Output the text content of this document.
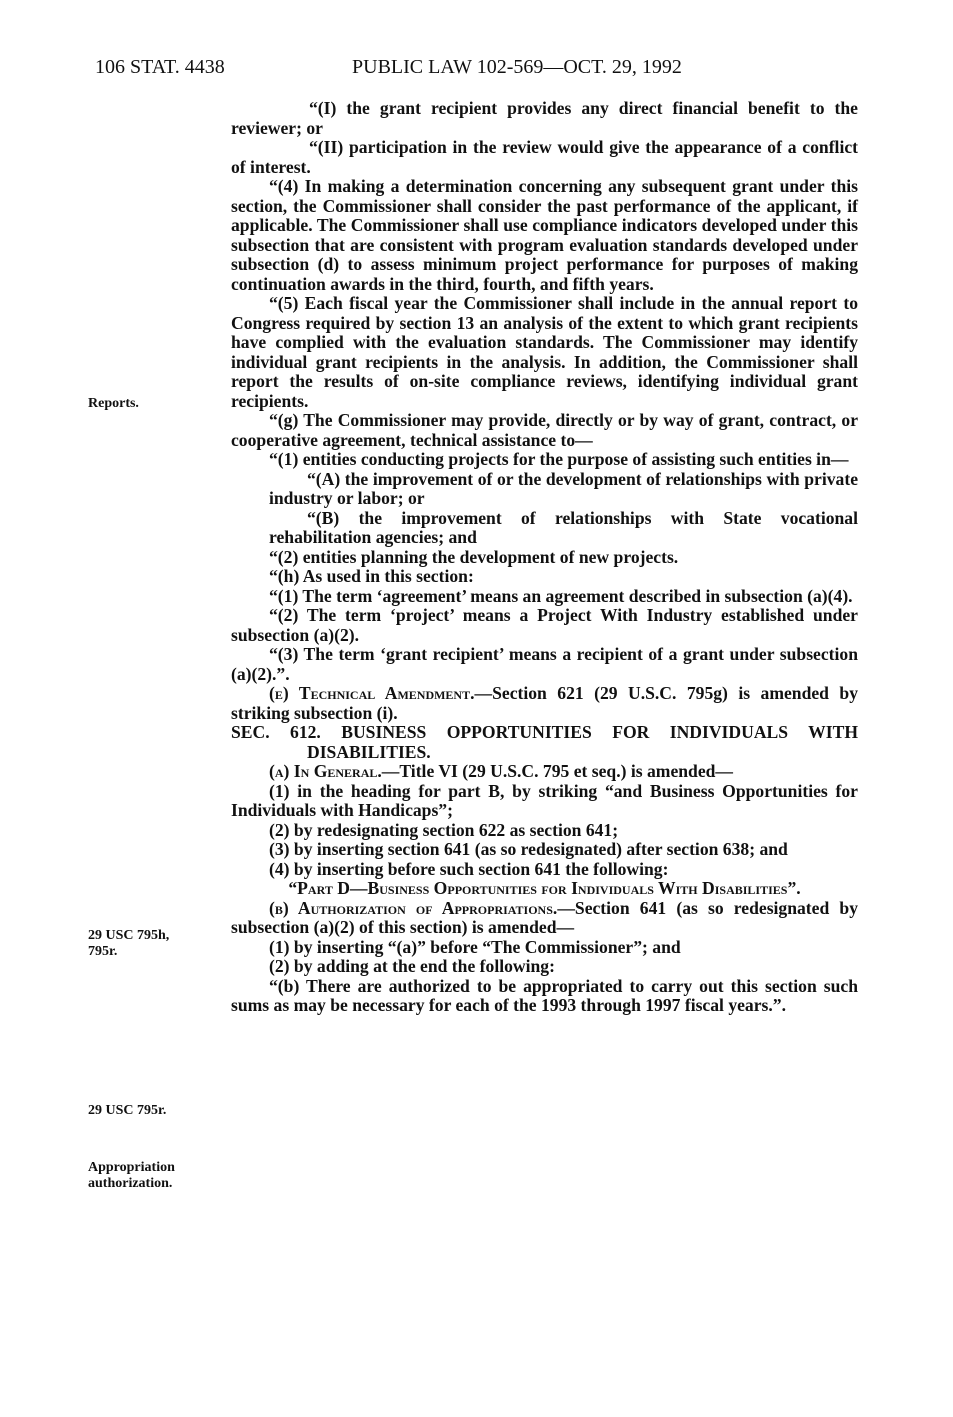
106 STAT. 4438	PUBLIC LAW 102-569—OCT. 29, 1992
Reports.
29 USC 795h, 795r.
29 USC 795r.
Appropriation authorization.

“(I) the grant recipient provides any direct financial benefit to the reviewer; or

“(II) participation in the review would give the appearance of a conflict of interest.

“(4) In making a determination concerning any subsequent grant under this section, the Commissioner shall consider the past performance of the applicant, if applicable. The Commissioner shall use compliance indicators developed under this subsection that are consistent with program evaluation standards developed under subsection (d) to assess minimum project performance for purposes of making continuation awards in the third, fourth, and fifth years.

“(5) Each fiscal year the Commissioner shall include in the annual report to Congress required by section 13 an analysis of the extent to which grant recipients have complied with the evaluation standards. The Commissioner may identify individual grant recipients in the analysis. In addition, the Commissioner shall report the results of on-site compliance reviews, identifying individual grant recipients.

“(g) The Commissioner may provide, directly or by way of grant, contract, or cooperative agreement, technical assistance to—

“(1) entities conducting projects for the purpose of assisting such entities in—

“(A) the improvement of or the development of relationships with private industry or labor; or

“(B) the improvement of relationships with State vocational rehabilitation agencies; and

“(2) entities planning the development of new projects.

“(h) As used in this section:

“(1) The term ‘agreement’ means an agreement described in subsection (a)(4).

“(2) The term ‘project’ means a Project With Industry established under subsection (a)(2).

“(3) The term ‘grant recipient’ means a recipient of a grant under subsection (a)(2).”.

(e) Technical Amendment.—Section 621 (29 U.S.C. 795g) is amended by striking subsection (i).

SEC. 612. BUSINESS OPPORTUNITIES FOR INDIVIDUALS WITH DISABILITIES.

(a) In General.—Title VI (29 U.S.C. 795 et seq.) is amended—

(1) in the heading for part B, by striking “and Business Opportunities for Individuals with Handicaps”;

(2) by redesignating section 622 as section 641;

(3) by inserting section 641 (as so redesignated) after section 638; and

(4) by inserting before such section 641 the following:

“Part D—Business Opportunities for Individuals With Disabilities”.

(b) Authorization of Appropriations.—Section 641 (as so redesignated by subsection (a)(2) of this section) is amended—

(1) by inserting “(a)” before “The Commissioner”; and

(2) by adding at the end the following:

“(b) There are authorized to be appropriated to carry out this section such sums as may be necessary for each of the 1993 through 1997 fiscal years.”.
